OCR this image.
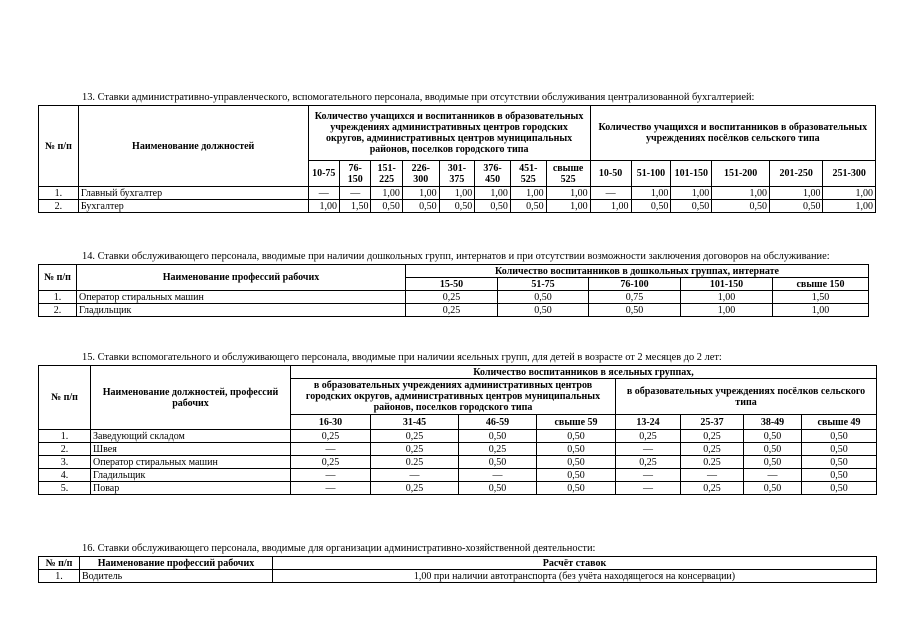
13. Ставки административно-управленческого, вспомогательного персонала, вводимые при отсутствии обслуживания централизованной бухгалтерией:

№ п/п	Наименование должностей	Количество учащихся и воспитанников в образовательных учреждениях административных центров городских округов, административных центров муниципальных районов, поселков городского типа								Количество учащихся и воспитанников в образовательных учреждениях посёлков сельского типа					
		10-75	76-150	151-225	226-300	301-375	376-450	451-525	свыше 525	10-50	51-100	101-150	151-200	201-250	251-300
1.	Главный бухгалтер	—	—	1,00	1,00	1,00	1,00	1,00	1,00	—	1,00	1,00	1,00	1,00	1,00
2.	Бухгалтер	1,00	1,50	0,50	0,50	0,50	0,50	0,50	1,00	1,00	0,50	0,50	0,50	0,50	1,00

14. Ставки обслуживающего персонала, вводимые при наличии дошкольных групп, интернатов и при отсутствии возможности заключения договоров на обслуживание:

№ п/п	Наименование профессий рабочих	Количество воспитанников в дошкольных группах, интернате				
		15-50	51-75	76-100	101-150	свыше 150
1.	Оператор стиральных машин	0,25	0,50	0,75	1,00	1,50
2.	Гладильщик	0,25	0,50	0,50	1,00	1,00

15. Ставки вспомогательного и обслуживающего персонала, вводимые при наличии ясельных групп, для детей в возрасте от 2 месяцев до 2 лет:

№ п/п	Наименование должностей, профессий рабочих	Количество воспитанников в ясельных группах,							
		в образовательных учреждениях административных центров городских округов, административных центров муниципальных районов, поселков городского типа				в образовательных учреждениях посёлков сельского типа			
		16-30	31-45	46-59	свыше 59	13-24	25-37	38-49	свыше 49
1.	Заведующий складом	0,25	0,25	0,50	0,50	0,25	0,25	0,50	0,50
2.	Швея	—	0,25	0,25	0,50	—	0,25	0,50	0,50
3.	Оператор стиральных машин	0,25	0.25	0,50	0,50	0,25	0.25	0,50	0,50
4.	Гладильщик	—	—	—	0,50	—	—	—	0,50
5.	Повар	—	0,25	0,50	0,50	—	0,25	0,50	0,50

16. Ставки обслуживающего персонала, вводимые для организации административно-хозяйственной деятельности:

№ п/п	Наименование профессий рабочих	Расчёт ставок
1.	Водитель	1,00 при наличии автотранспорта (без учёта находящегося на консервации)
